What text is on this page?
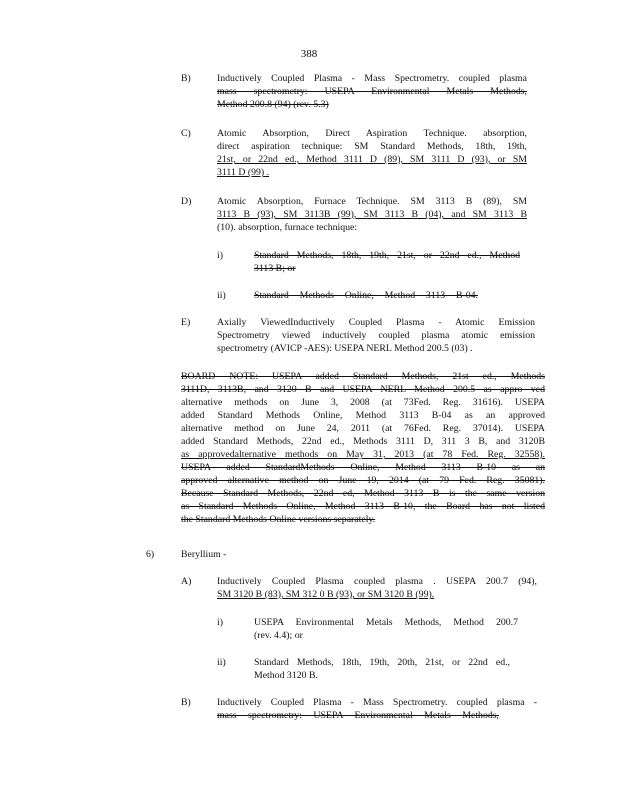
388
B)	Inductively Coupled Plasma - Mass Spectrometry. coupled plasma
mass spectrometry: USEPA Environmental Metals Methods,
Method 200.8 (94) (rev. 5.3)
C)	Atomic Absorption, Direct Aspiration Technique. absorption,
direct aspiration technique: SM Standard Methods, 18th, 19th,
21st, or 22nd ed., Method 3111 D (89), SM 3111 D (93), or SM
3111 D (99) .
D)	Atomic Absorption, Furnace Technique. SM 3113 B (89), SM
3113 B (93), SM 3113B (99), SM 3113 B (04), and SM 3113 B
(10). absorption, furnace technique:
i)	Standard Methods, 18th, 19th, 21st, or 22nd ed., Method
3113 B; or
ii)	Standard Methods Online, Method 3113 B-04.
E)	Axially ViewedInductively Coupled Plasma - Atomic Emission
Spectrometry viewed inductively coupled plasma atomic emission
spectrometry (AVICP -AES): USEPA NERL Method 200.5 (03) .
BOARD NOTE: USEPA added Standard Methods, 21st ed., Methods
3111D, 3113B, and 3120 B and USEPA NERL Method 200.5 as appro ved
alternative methods on June 3, 2008 (at 73Fed. Reg. 31616). USEPA
added Standard Methods Online, Method 3113 B-04 as an approved
alternative method on June 24, 2011 (at 76Fed. Reg. 37014). USEPA
added Standard Methods, 22nd ed., Methods 3111 D, 311 3 B, and 3120B
as approvedalternative methods on May 31, 2013 (at 78 Fed. Reg. 32558).
USEPA added StandardMethods Online, Method 3113 B-10 as an
approved alternative method on June 19, 2014 (at 79 Fed. Reg. 35081).
Because Standard Methods, 22nd ed, Method 3113 B is the same version
as Standard Methods Online, Method 3113 B-10, the Board has not listed
the Standard Methods Online versions separately.
6)	Beryllium -
A)	Inductively Coupled Plasma coupled plasma . USEPA 200.7 (94),
SM 3120 B (83), SM 312 0 B (93), or SM 3120 B (99).
i)	USEPA Environmental Metals Methods, Method 200.7
(rev. 4.4); or
ii)	Standard Methods, 18th, 19th, 20th, 21st, or 22nd ed.,
Method 3120 B.
B)	Inductively Coupled Plasma - Mass Spectrometry. coupled plasma -
mass spectrometry: USEPA Environmental Metals Methods,
